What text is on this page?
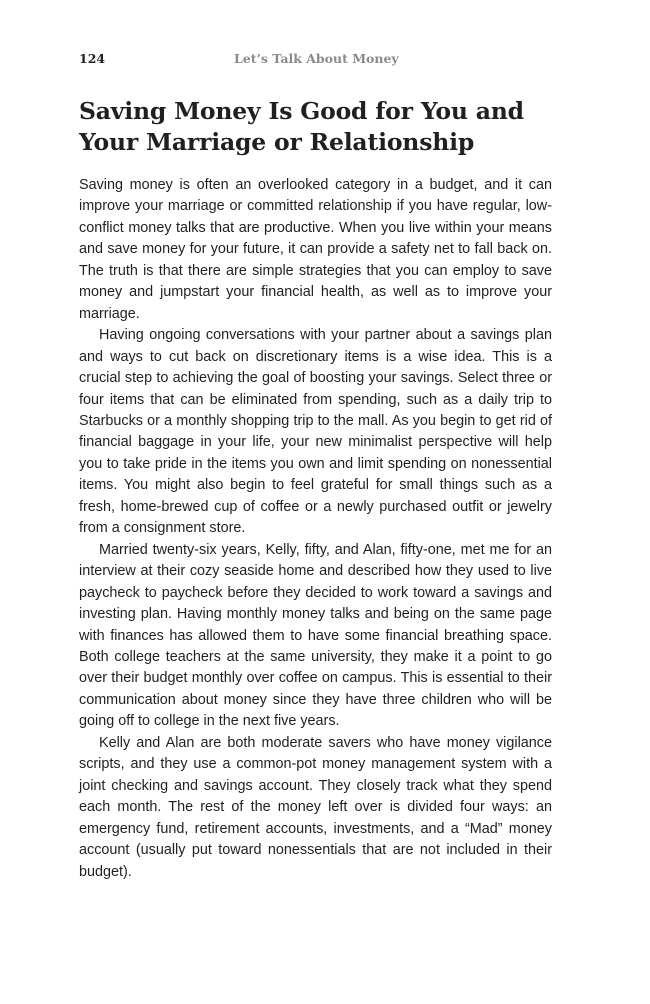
124	Let’s Talk About Money
Saving Money Is Good for You and Your Marriage or Relationship

Saving money is often an overlooked category in a budget, and it can improve your marriage or committed relationship if you have regular, low-conflict money talks that are productive. When you live within your means and save money for your future, it can provide a safety net to fall back on. The truth is that there are simple strategies that you can employ to save money and jumpstart your financial health, as well as to improve your marriage.

Having ongoing conversations with your partner about a savings plan and ways to cut back on discretionary items is a wise idea. This is a crucial step to achieving the goal of boosting your savings. Select three or four items that can be eliminated from spending, such as a daily trip to Starbucks or a monthly shopping trip to the mall. As you begin to get rid of financial baggage in your life, your new minimalist perspective will help you to take pride in the items you own and limit spending on nonessential items. You might also begin to feel grateful for small things such as a fresh, home-brewed cup of coffee or a newly purchased outfit or jewelry from a consignment store.

Married twenty-six years, Kelly, fifty, and Alan, fifty-one, met me for an interview at their cozy seaside home and described how they used to live paycheck to paycheck before they decided to work toward a savings and investing plan. Having monthly money talks and being on the same page with finances has allowed them to have some financial breathing space. Both college teachers at the same university, they make it a point to go over their budget monthly over coffee on campus. This is essential to their communication about money since they have three children who will be going off to college in the next five years.

Kelly and Alan are both moderate savers who have money vigilance scripts, and they use a common-pot money management system with a joint checking and savings account. They closely track what they spend each month. The rest of the money left over is divided four ways: an emergency fund, retirement accounts, investments, and a “Mad” money account (usually put toward nonessentials that are not included in their budget).
